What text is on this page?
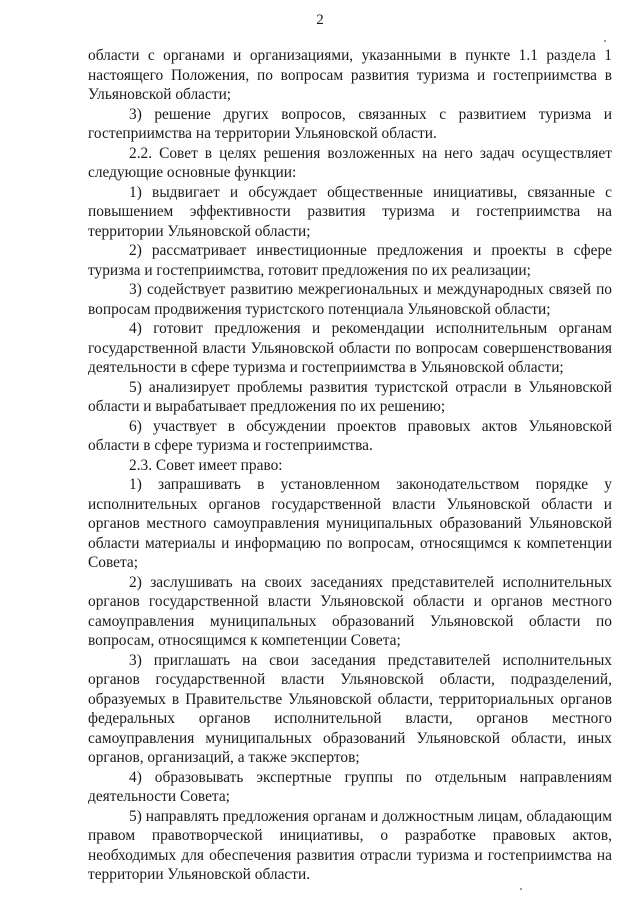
2

области с органами и организациями, указанными в пункте 1.1 раздела 1 настоящего Положения, по вопросам развития туризма и гостеприимства в Ульяновской области;

3) решение других вопросов, связанных с развитием туризма и гостеприимства на территории Ульяновской области.

2.2. Совет в целях решения возложенных на него задач осуществляет следующие основные функции:

1) выдвигает и обсуждает общественные инициативы, связанные с повышением эффективности развития туризма и гостеприимства на территории Ульяновской области;

2) рассматривает инвестиционные предложения и проекты в сфере туризма и гостеприимства, готовит предложения по их реализации;

3) содействует развитию межрегиональных и международных связей по вопросам продвижения туристского потенциала Ульяновской области;

4) готовит предложения и рекомендации исполнительным органам государственной власти Ульяновской области по вопросам совершенствования деятельности в сфере туризма и гостеприимства в Ульяновской области;

5) анализирует проблемы развития туристской отрасли в Ульяновской области и вырабатывает предложения по их решению;

6) участвует в обсуждении проектов правовых актов Ульяновской области в сфере туризма и гостеприимства.

2.3. Совет имеет право:

1) запрашивать в установленном законодательством порядке у исполнительных органов государственной власти Ульяновской области и органов местного самоуправления муниципальных образований Ульяновской области материалы и информацию по вопросам, относящимся к компетенции Совета;

2) заслушивать на своих заседаниях представителей исполнительных органов государственной власти Ульяновской области и органов местного самоуправления муниципальных образований Ульяновской области по вопросам, относящимся к компетенции Совета;

3) приглашать на свои заседания представителей исполнительных органов государственной власти Ульяновской области, подразделений, образуемых в Правительстве Ульяновской области, территориальных органов федеральных органов исполнительной власти, органов местного самоуправления муниципальных образований Ульяновской области, иных органов, организаций, а также экспертов;

4) образовывать экспертные группы по отдельным направлениям деятельности Совета;

5) направлять предложения органам и должностным лицам, обладающим правом правотворческой инициативы, о разработке правовых актов, необходимых для обеспечения развития отрасли туризма и гостеприимства на территории Ульяновской области.
